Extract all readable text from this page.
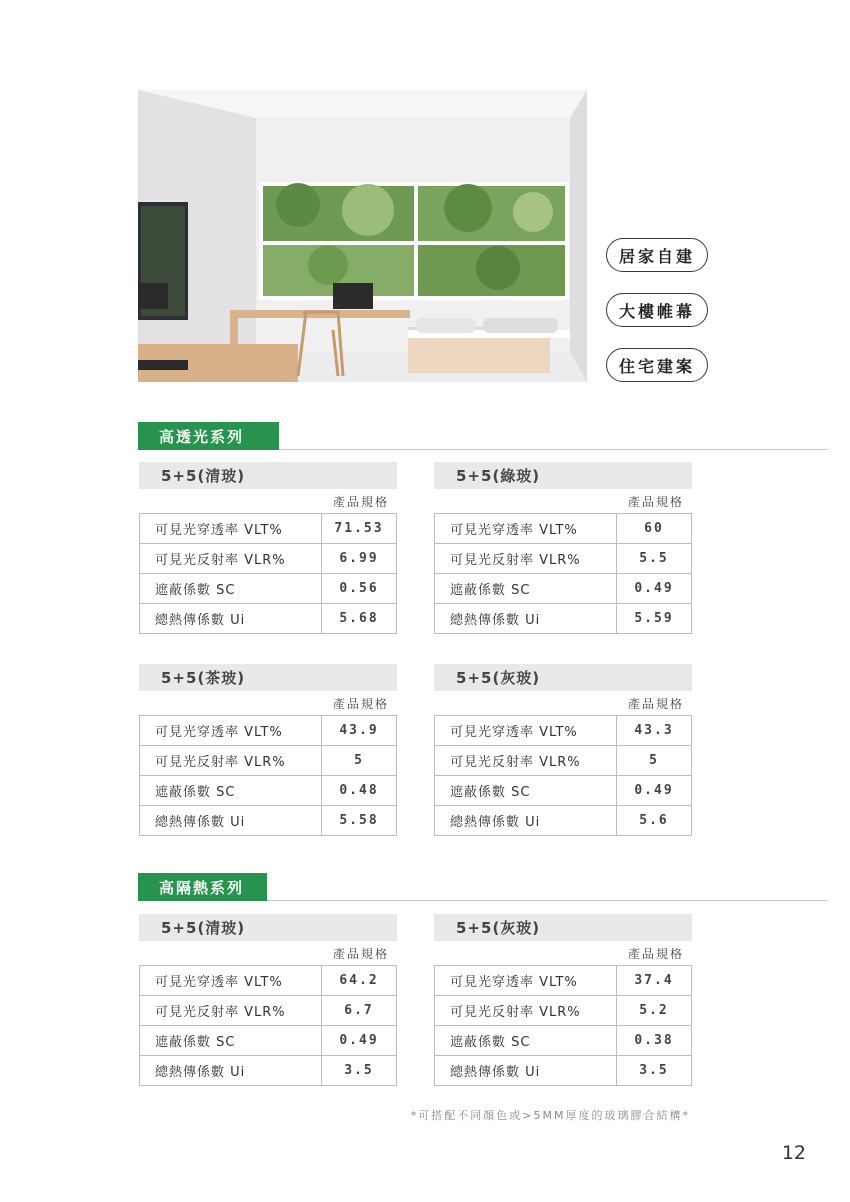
居家自建
大樓帷幕
住宅建案
高透光系列
5+5(清玻)
產品規格
可見光穿透率 VLT%	71.53
可見光反射率 VLR%	6.99
遮蔽係數 SC	0.56
總熱傳係數 Ui	5.68
5+5(綠玻)
產品規格
可見光穿透率 VLT%	60
可見光反射率 VLR%	5.5
遮蔽係數 SC	0.49
總熱傳係數 Ui	5.59
5+5(茶玻)
產品規格
可見光穿透率 VLT%	43.9
可見光反射率 VLR%	5
遮蔽係數 SC	0.48
總熱傳係數 Ui	5.58
5+5(灰玻)
產品規格
可見光穿透率 VLT%	43.3
可見光反射率 VLR%	5
遮蔽係數 SC	0.49
總熱傳係數 Ui	5.6
高隔熱系列
5+5(清玻)
產品規格
可見光穿透率 VLT%	64.2
可見光反射率 VLR%	6.7
遮蔽係數 SC	0.49
總熱傳係數 Ui	3.5
5+5(灰玻)
產品規格
可見光穿透率 VLT%	37.4
可見光反射率 VLR%	5.2
遮蔽係數 SC	0.38
總熱傳係數 Ui	3.5
*可搭配不同顏色或>5MM厚度的玻璃膠合結構*
12
